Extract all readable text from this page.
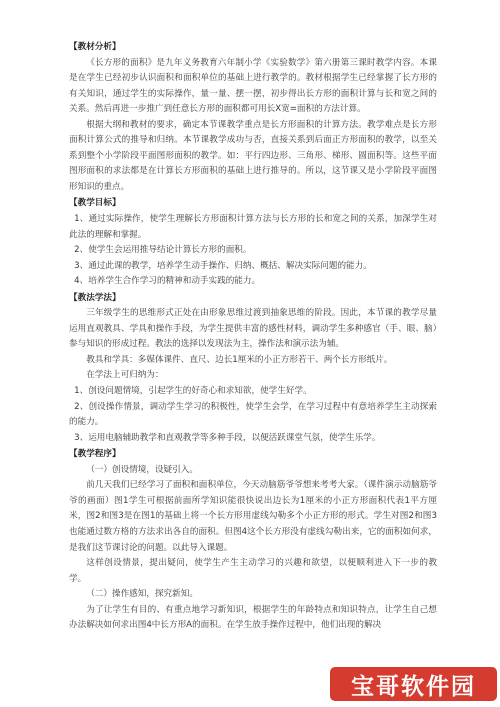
【教材分析】

《长方形的面积》是九年义务教育六年制小学《实验数学》第六册第三课时教学内容。本课是在学生已经初步认识面积和面积单位的基础上进行教学的。教材根据学生已经掌握了长方形的有关知识，通过学生的实际操作，量一量、摆一摆，初步得出长方形的面积计算与长和宽之间的关系。然后再进一步推广到任意长方形的面积都可用长Ⅹ宽=面积的方法计算。

根据大纲和教材的要求，确定本节课教学重点是长方形面积的计算方法。教学难点是长方形面积计算公式的推导和归纳。本节课教学成功与否，直接关系到后面正方形面积的教学，以至关系到整个小学阶段平面图形面积的教学。如：平行四边形、三角形、梯形、圆面积等。这些平面图形面积的求法都是在计算长方形面积的基础上进行推导的。所以，这节课又是小学阶段平面图形知识的重点。

【教学目标】

1、通过实际操作，使学生理解长方形面积计算方法与长方形的长和宽之间的关系，加深学生对此法的理解和掌握。

2、使学生会运用推导结论计算长方形的面积。

3、通过此课的教学，培养学生动手操作、归纳、概括、解决实际问题的能力。

4、培养学生合作学习的精神和动手实践的能力。

【教法学法】

三年级学生的思维形式正处在由形象思维过渡到抽象思维的阶段。因此，本节课的教学尽量运用直观教具、学具和操作手段，为学生提供丰富的感性材料，调动学生多种感官（手、眼、脑）参与知识的形成过程。教法的选择以发现法为主，操作法和演示法为辅。

教具和学具：多媒体课件、直尺、边长1厘米的小正方形若干、两个长方形纸片。

在学法上可归纳为：

1、创设问题情境，引起学生的好奇心和求知欲，使学生好学。

2、创设操作情景，调动学生学习的积极性，使学生会学，在学习过程中有意培养学生主动探索的能力。

3、运用电脑辅助教学和直观教学等多种手段，以便活跃课堂气氛，使学生乐学。

【教学程序】

（一）创设情境，设疑引入。

前几天我们已经学习了面积和面积单位，今天动脑筋爷爷想来考考大家。（课件演示动脑筋爷爷的画面）图1学生可根据前面所学知识能很快说出边长为1厘米的小正方形面积代表1平方厘米，图2和图3是在图1的基础上将一个长方形用虚线勾勒多个小正方形的形式。学生对图2和图3也能通过数方格的方法求出各自的面积。但图4这个长方形没有虚线勾勒出来，它的面积如何求，是我们这节课讨论的问题。以此导入课题。

这样创设情景，提出疑问，使学生产生主动学习的兴趣和欲望，以便顺利进入下一步的教学。

（二）操作感知，探究新知。

为了让学生有目的、有重点地学习新知识，根据学生的年龄特点和知识特点，让学生自己想办法解决如何求出图4中长方形A的面积。在学生放手操作过程中，他们出现的解决

宝哥软件园
